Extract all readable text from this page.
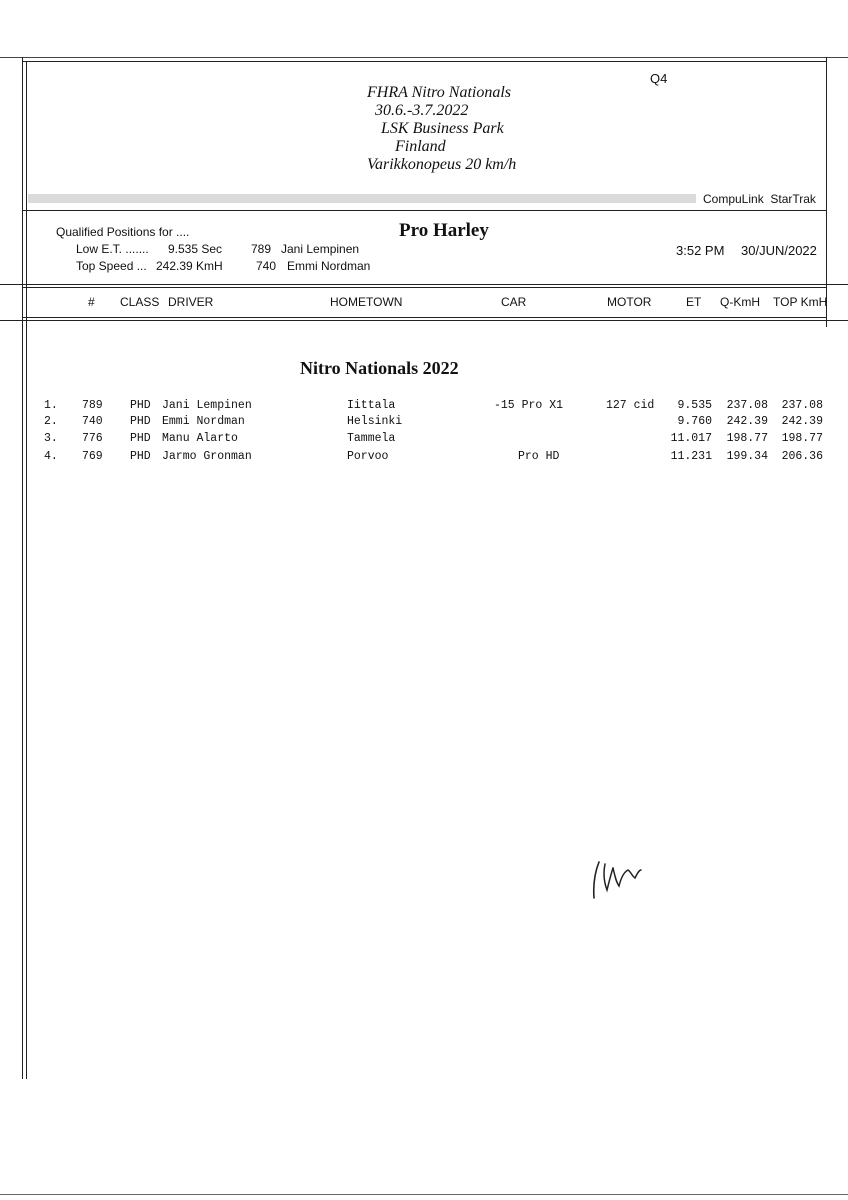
Q4
FHRA Nitro Nationals
30.6.-3.7.2022
LSK Business Park
Finland
Varikkonopeus 20 km/h
CompuLink  StarTrak
Qualified Positions for ....
Low E.T. ....... 9.535 Sec 789 Jani Lempinen
Top Speed ... 242.39 KmH	740 Emmi Nordman
Pro Harley
3:52 PM 30/JUN/2022
# CLASS DRIVER	HOMETOWN	CAR	MOTOR	ET Q-KmH TOP KmH
Nitro Nationals 2022
1. 789 PHD Jani Lempinen	Iittala	-15 Pro X1	127 cid	9.535	237.08	237.08
2. 740 PHD Emmi Nordman	Helsinki	9.760	242.39	242.39
3. 776 PHD Manu Alarto	Tammela	11.017	198.77	198.77
4. 769 PHD Jarmo Gronman	Porvoo	Pro HD	11.231	199.34	206.36
